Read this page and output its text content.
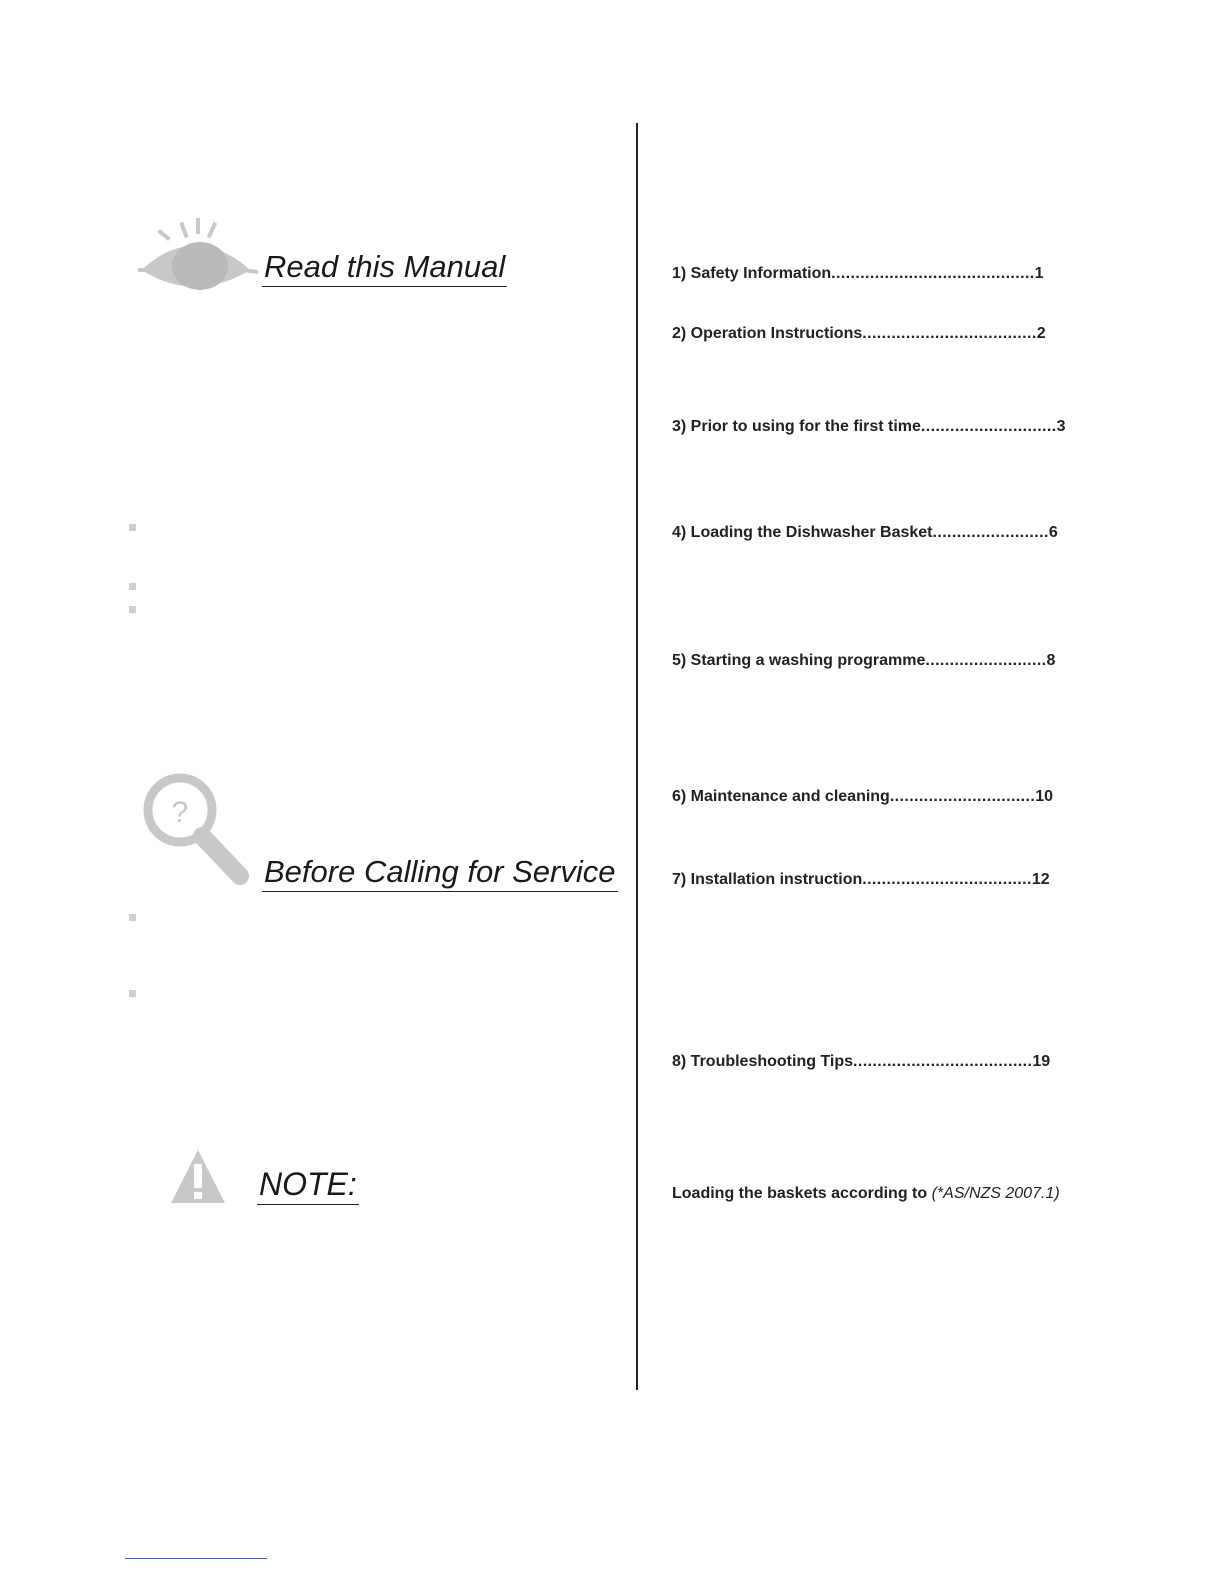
Read this Manual
?
Before Calling for Service
NOTE:
1) Safety Information..........................................1
2) Operation Instructions....................................2
3) Prior to using for the first time............................3
4) Loading the Dishwasher Basket........................6
5) Starting a washing programme.........................8
6) Maintenance and cleaning..............................10
7) Installation instruction...................................12
8) Troubleshooting Tips.....................................19
Loading the baskets according to (*AS/NZS 2007.1)
